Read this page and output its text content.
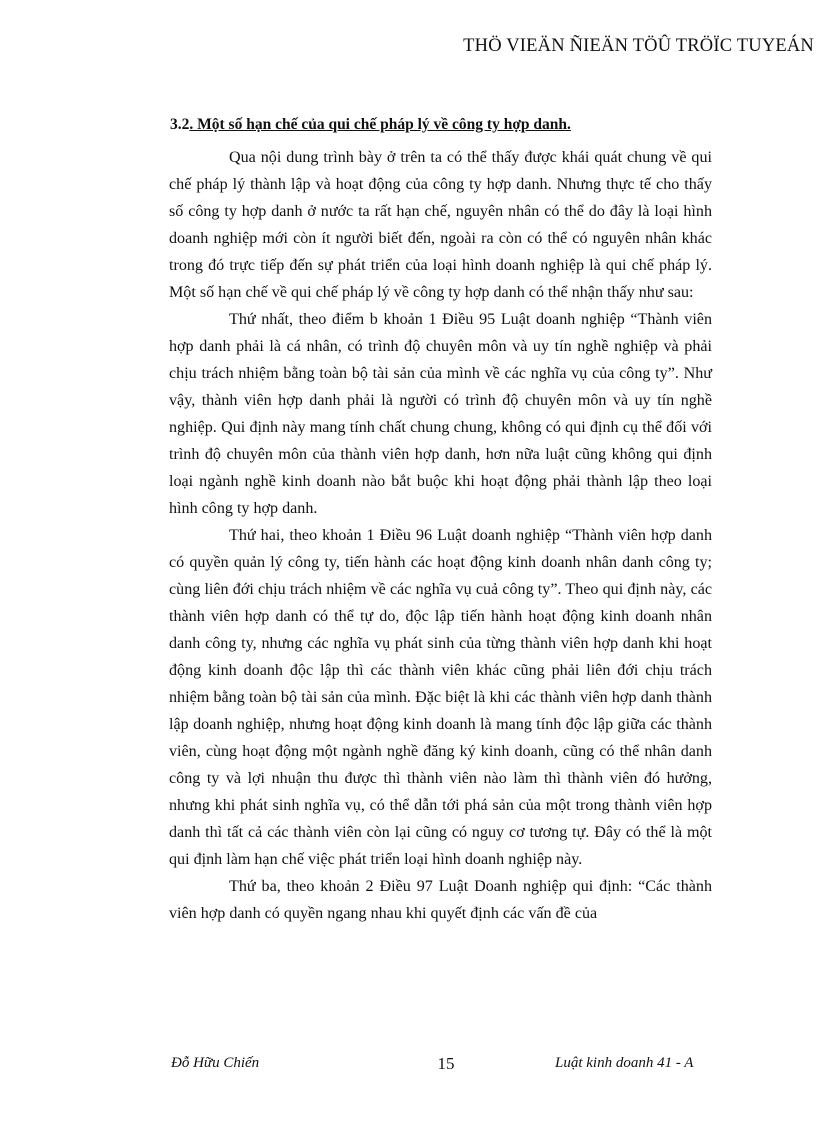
THÖ VIEÄN ÑIEÄN TÖÛ TRÖÏC TUYEÁN
3.2. Một số hạn chế của qui chế pháp lý về công ty hợp danh.

Qua nội dung trình bày ở trên ta có thể thấy được khái quát chung về qui chế pháp lý thành lập và hoạt động của công ty hợp danh. Nhưng thực tế cho thấy số công ty hợp danh ở nước ta rất hạn chế, nguyên nhân có thể do đây là loại hình doanh nghiệp mới còn ít người biết đến, ngoài ra còn có thể có nguyên nhân khác trong đó trực tiếp đến sự phát triển của loại hình doanh nghiệp là qui chế pháp lý. Một số hạn chế về qui chế pháp lý về công ty hợp danh có thể nhận thấy như sau:

Thứ nhất, theo điểm b khoản 1 Điều 95 Luật doanh nghiệp “Thành viên hợp danh phải là cá nhân, có trình độ chuyên môn và uy tín nghề nghiệp và phải chịu trách nhiệm bằng toàn bộ tài sản của mình về các nghĩa vụ của công ty”. Như vậy, thành viên hợp danh phải là người có trình độ chuyên môn và uy tín nghề nghiệp. Qui định này mang tính chất chung chung, không có qui định cụ thể đối với trình độ chuyên môn của thành viên hợp danh, hơn nữa luật cũng không qui định loại ngành nghề kinh doanh nào bắt buộc khi hoạt động phải thành lập theo loại hình công ty hợp danh.

Thứ hai, theo khoản 1 Điều 96 Luật doanh nghiệp “Thành viên hợp danh có quyền quản lý công ty, tiến hành các hoạt động kinh doanh nhân danh công ty; cùng liên đới chịu trách nhiệm về các nghĩa vụ cuả công ty”. Theo qui định này, các thành viên hợp danh có thể tự do, độc lập tiến hành hoạt động kinh doanh nhân danh công ty, nhưng các nghĩa vụ phát sinh của từng thành viên hợp danh khi hoạt động kinh doanh độc lập thì các thành viên khác cũng phải liên đới chịu trách nhiệm bằng toàn bộ tài sản của mình. Đặc biệt là khi các thành viên hợp danh thành lập doanh nghiệp, nhưng hoạt động kinh doanh là mang tính độc lập giữa các thành viên, cùng hoạt động một ngành nghề đăng ký kinh doanh, cũng có thể nhân danh công ty và lợi nhuận thu được thì thành viên nào làm thì thành viên đó hưởng, nhưng khi phát sinh nghĩa vụ, có thể dẫn tới phá sản của một trong thành viên hợp danh thì tất cả các thành viên còn lại cũng có nguy cơ tương tự. Đây có thể là một qui định làm hạn chế việc phát triển loại hình doanh nghiệp này.

Thứ ba, theo khoản 2 Điều 97 Luật Doanh nghiệp qui định: “Các thành viên hợp danh có quyền ngang nhau khi quyết định các vấn đề của

Đỗ Hữu Chiến	15	Luật kinh doanh 41 - A
